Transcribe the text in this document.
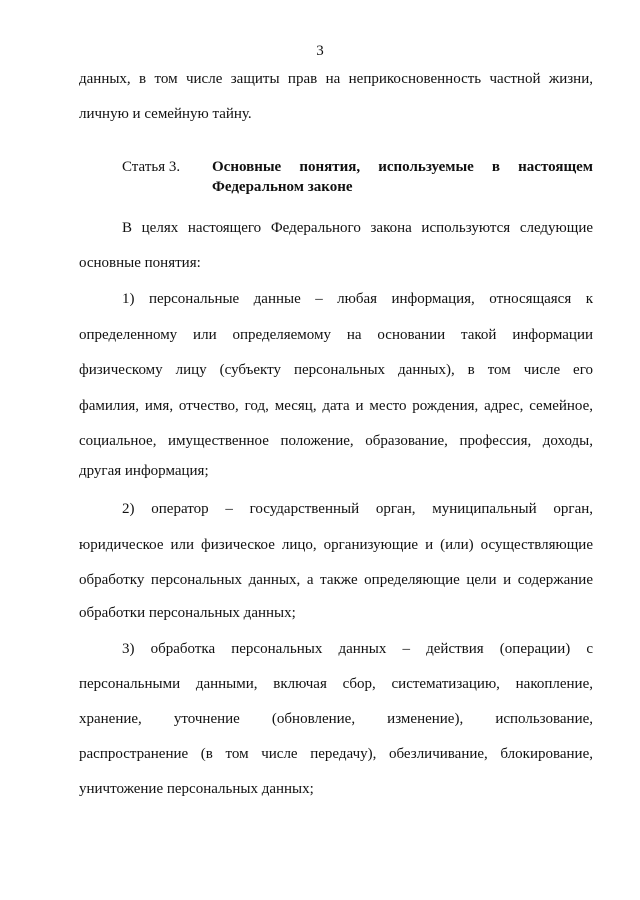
3

данных, в том числе защиты прав на неприкосновенность частной жизни,

личную и семейную тайну.

Статья 3.	Основные понятия, используемые в настоящем
Федеральном законе

В целях настоящего Федерального закона используются следующие

основные понятия:

1) персональные данные – любая информация, относящаяся к

определенному или определяемому на основании такой информации

физическому лицу (субъекту персональных данных), в том числе его

фамилия, имя, отчество, год, месяц, дата и место рождения, адрес, семейное,

социальное, имущественное положение, образование, профессия, доходы,

другая информация;

2) оператор – государственный орган, муниципальный орган,

юридическое или физическое лицо, организующие и (или) осуществляющие

обработку персональных данных, а также определяющие цели и содержание

обработки персональных данных;

3) обработка персональных данных – действия (операции) с

персональными данными, включая сбор, систематизацию, накопление,

хранение, уточнение (обновление, изменение), использование,

распространение (в том числе передачу), обезличивание, блокирование,

уничтожение персональных данных;
